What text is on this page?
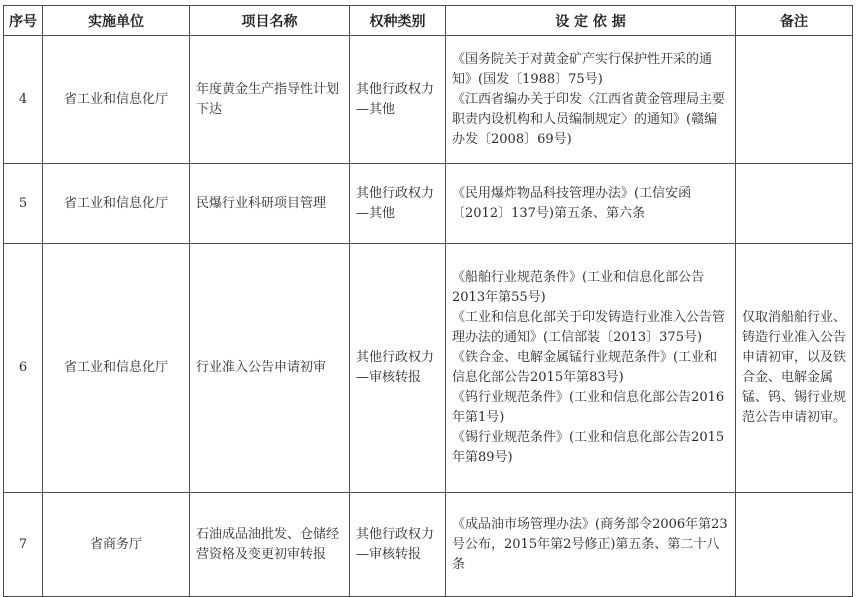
序号	实施单位	项目名称	权种类别	设 定 依 据	备注
4	省工业和信息化厅	年度黄金生产指导性计划下达	其他行政权力—其他	《国务院关于对黄金矿产实行保护性开采的通知》(国发〔1988〕75号)
《江西省编办关于印发〈江西省黄金管理局主要职责内设机构和人员编制规定〉的通知》(赣编办发〔2008〕69号)	

5	省工业和信息化厅	民爆行业科研项目管理	其他行政权力—其他	《民用爆炸物品科技管理办法》(工信安函〔2012〕137号)第五条、第六条	

6	省工业和信息化厅	行业准入公告申请初审	其他行政权力—审核转报	《船舶行业规范条件》(工业和信息化部公告2013年第55号)
《工业和信息化部关于印发铸造行业准入公告管理办法的通知》(工信部装〔2013〕375号)
《铁合金、电解金属锰行业规范条件》(工业和信息化部公告2015年第83号)
《钨行业规范条件》(工业和信息化部公告2016年第1号)
《锡行业规范条件》(工业和信息化部公告2015年第89号)	仅取消船舶行业、铸造行业准入公告申请初审，以及铁合金、电解金属锰、钨、锡行业规范公告申请初审。
7	省商务厅	石油成品油批发、仓储经营资格及变更初审转报	其他行政权力—审核转报	《成品油市场管理办法》(商务部令2006年第23号公布，2015年第2号修正)第五条、第二十八条	
